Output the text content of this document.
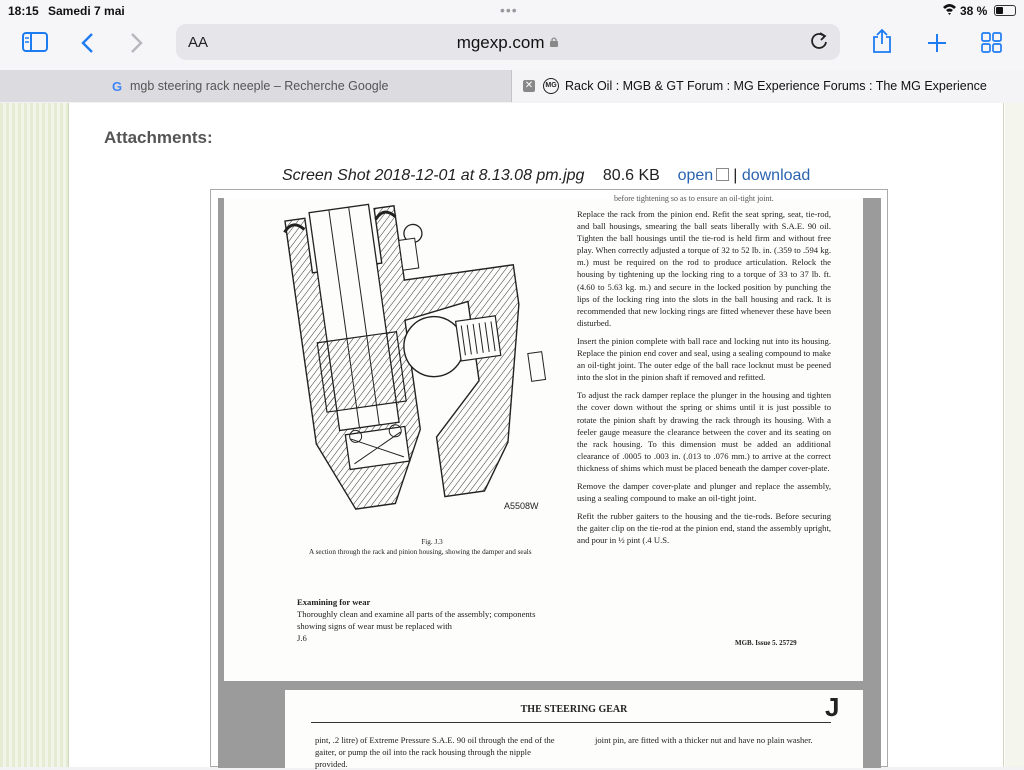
18:15 Samedi 7 mai	•••	38 %
AA	mgexp.com
G mgb steering rack neeple – Recherche Google	✕	MG Rack Oil : MGB & GT Forum : MG Experience Forums : The MG Experience
Attachments:
Screen Shot 2018-12-01 at 8.13.08 pm.jpg 80.6 KB open | download
before tightening so as to ensure an oil-tight joint.
A5508W
Fig. J.3
A section through the rack and pinion housing, showing the damper and seals
Examining for wear
Thoroughly clean and examine all parts of the assembly; components showing signs of wear must be replaced with
J.6

Replace the rack from the pinion end. Refit the seat spring, seat, tie-rod, and ball housings, smearing the ball seats liberally with S.A.E. 90 oil. Tighten the ball housings until the tie-rod is held firm and without free play. When correctly adjusted a torque of 32 to 52 lb. in. (.359 to .594 kg. m.) must be required on the rod to produce articulation. Relock the housing by tightening up the locking ring to a torque of 33 to 37 lb. ft. (4.60 to 5.63 kg. m.) and secure in the locked position by punching the lips of the locking ring into the slots in the ball housing and rack. It is recommended that new locking rings are fitted whenever these have been disturbed.

Insert the pinion complete with ball race and locking nut into its housing. Replace the pinion end cover and seal, using a sealing compound to make an oil-tight joint. The outer edge of the ball race locknut must be peened into the slot in the pinion shaft if removed and refitted.

To adjust the rack damper replace the plunger in the housing and tighten the cover down without the spring or shims until it is just possible to rotate the pinion shaft by drawing the rack through its housing. With a feeler gauge measure the clearance between the cover and its seating on the rack housing. To this dimension must be added an additional clearance of .0005 to .003 in. (.013 to .076 mm.) to arrive at the correct thickness of shims which must be placed beneath the damper cover-plate.

Remove the damper cover-plate and plunger and replace the assembly, using a sealing compound to make an oil-tight joint.

Refit the rubber gaiters to the housing and the tie-rods. Before securing the gaiter clip on the tie-rod at the pinion end, stand the assembly upright, and pour in ½ pint (.4 U.S.

MGB. Issue 5. 25729
THE STEERING GEAR	J
pint, .2 litre) of Extreme Pressure S.A.E. 90 oil through the end of the gaiter, or pump the oil into the rack housing through the nipple provided.
joint pin, are fitted with a thicker nut and have no plain washer.
